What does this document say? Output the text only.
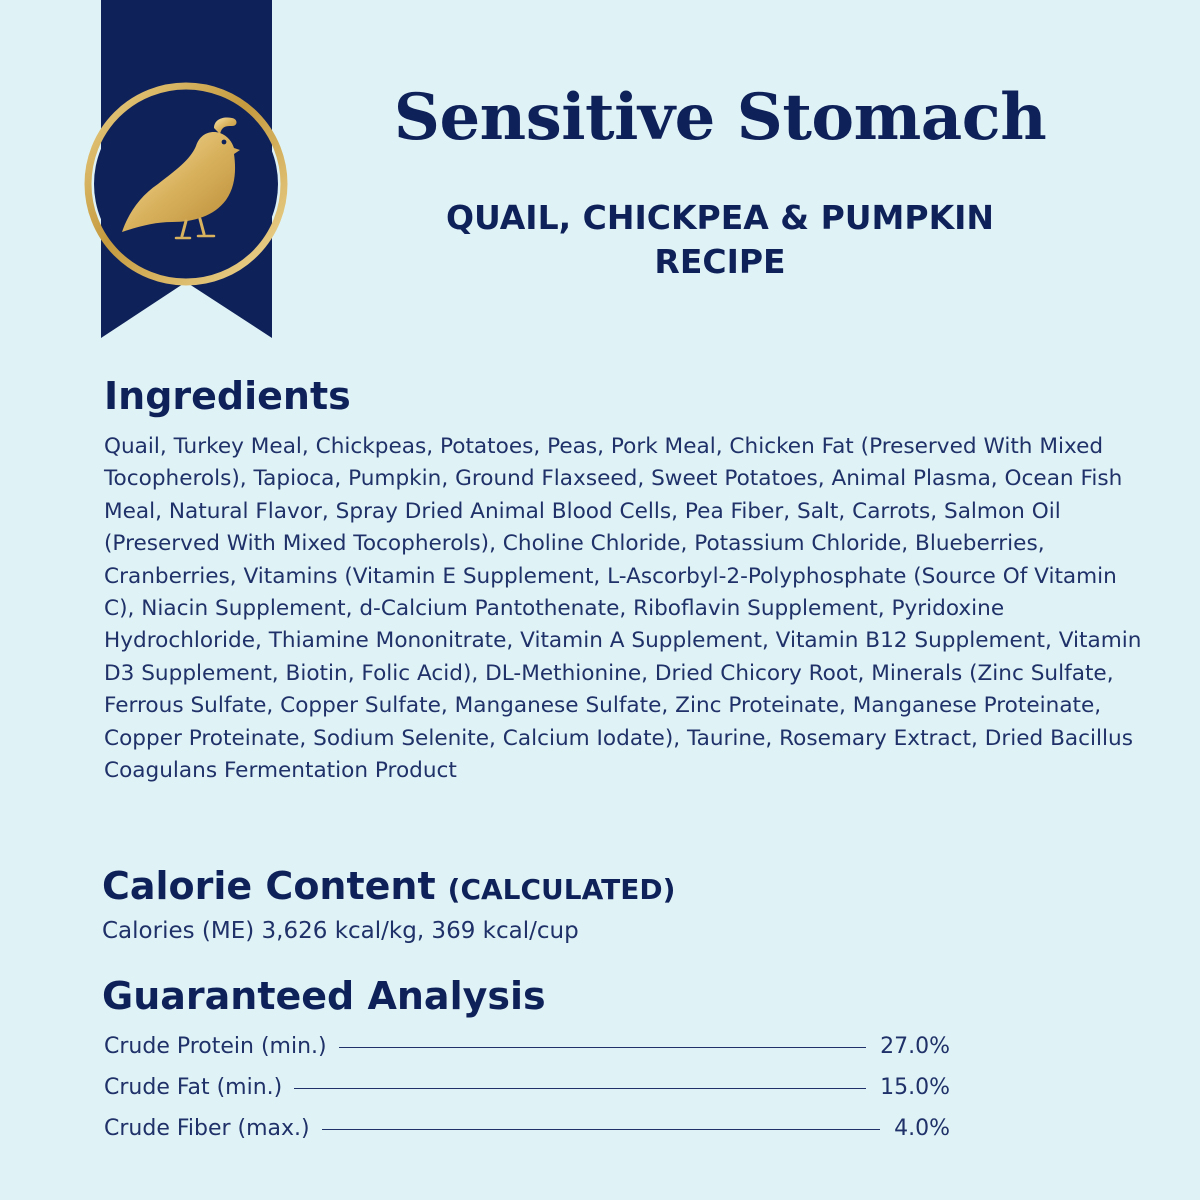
Sensitive Stomach
QUAIL, CHICKPEA & PUMPKIN RECIPE
Ingredients
Quail, Turkey Meal, Chickpeas, Potatoes, Peas, Pork Meal, Chicken Fat (Preserved With Mixed Tocopherols), Tapioca, Pumpkin, Ground Flaxseed, Sweet Potatoes, Animal Plasma, Ocean Fish Meal, Natural Flavor, Spray Dried Animal Blood Cells, Pea Fiber, Salt, Carrots, Salmon Oil (Preserved With Mixed Tocopherols), Choline Chloride, Potassium Chloride, Blueberries, Cranberries, Vitamins (Vitamin E Supplement, L-Ascorbyl-2-Polyphosphate (Source Of Vitamin C), Niacin Supplement, d-Calcium Pantothenate, Riboflavin Supplement, Pyridoxine Hydrochloride, Thiamine Mononitrate, Vitamin A Supplement, Vitamin B12 Supplement, Vitamin D3 Supplement, Biotin, Folic Acid), DL-Methionine, Dried Chicory Root, Minerals (Zinc Sulfate, Ferrous Sulfate, Copper Sulfate, Manganese Sulfate, Zinc Proteinate, Manganese Proteinate, Copper Proteinate, Sodium Selenite, Calcium Iodate), Taurine, Rosemary Extract, Dried Bacillus Coagulans Fermentation Product
Calorie Content (CALCULATED)
Calories (ME) 3,626 kcal/kg, 369 kcal/cup
Guaranteed Analysis
Crude Protein (min.)	27.0%
Crude Fat (min.)	15.0%
Crude Fiber (max.)	4.0%
